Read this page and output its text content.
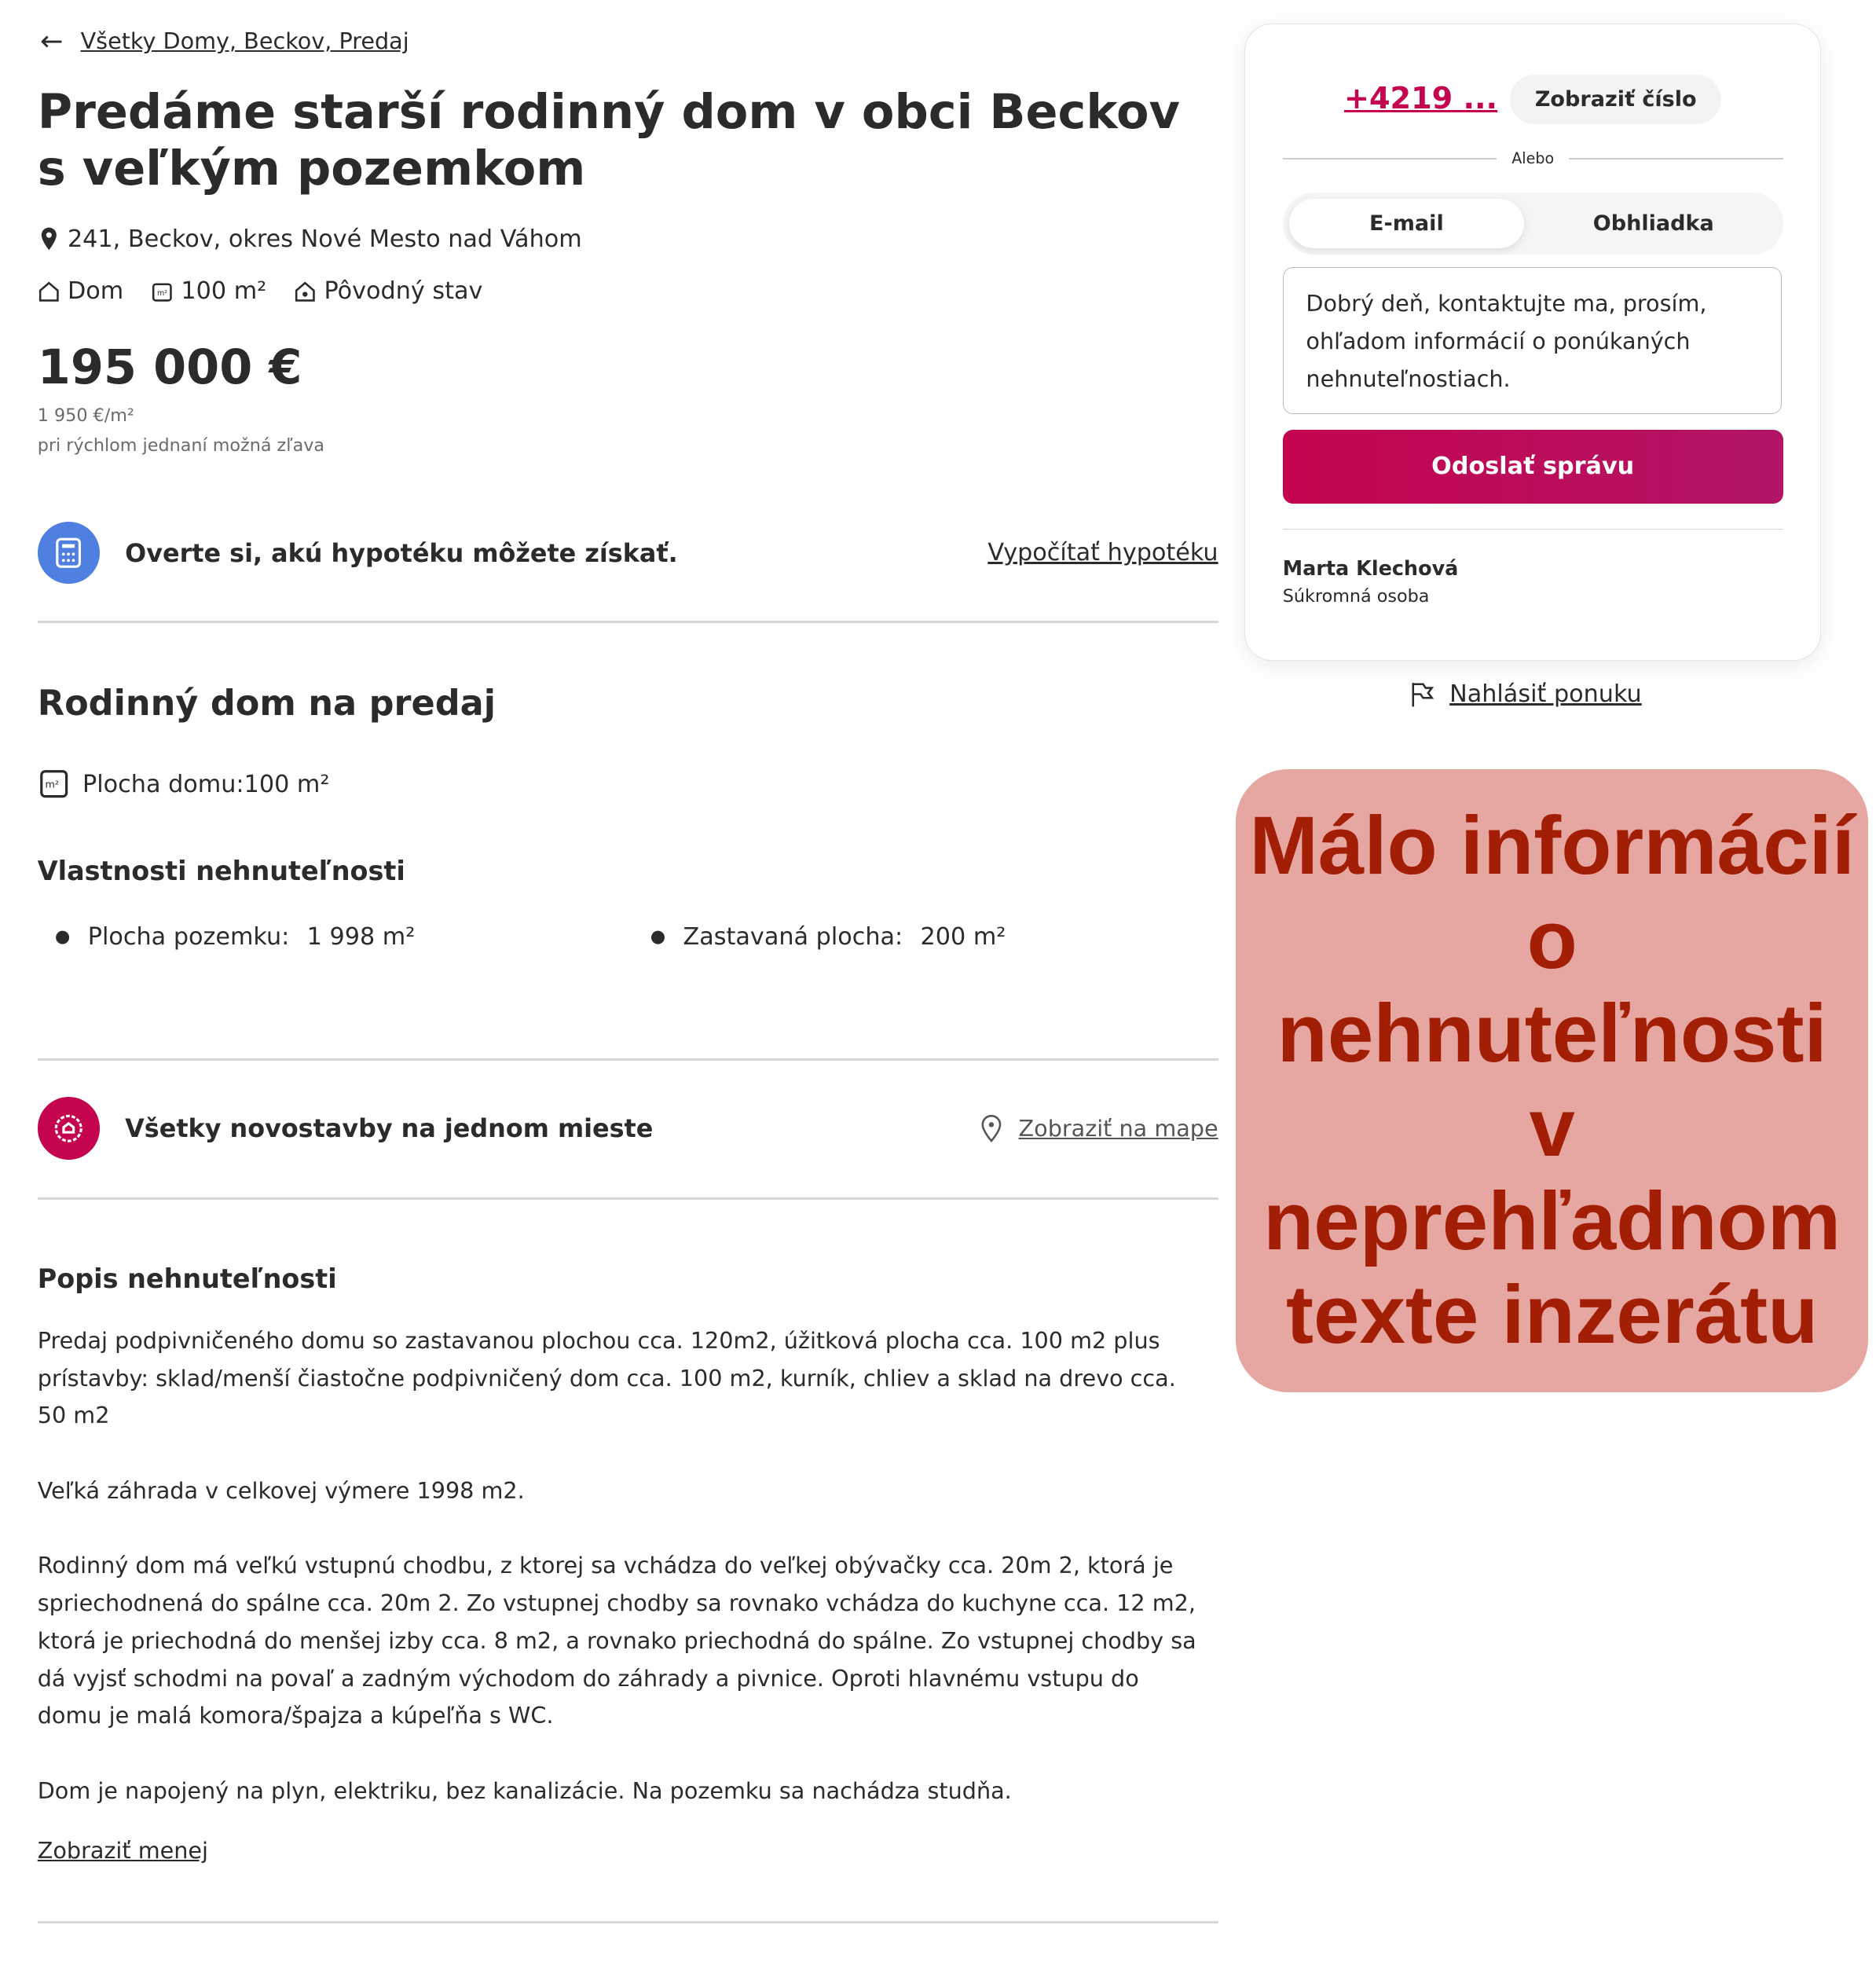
← Všetky Domy, Beckov, Predaj
Predáme starší rodinný dom v obci Beckov s veľkým pozemkom
241, Beckov, okres Nové Mesto nad Váhom
Dom	m² 100 m²	Pôvodný stav
195 000 €
1 950 €/m²
pri rýchlom jednaní možná zľava
Overte si, akú hypotéku môžete získať.	Vypočítať hypotéku
Rodinný dom na predaj
m² Plocha domu:100 m²
Vlastnosti nehnuteľnosti
● Plocha pozemku: 1 998 m²	● Zastavaná plocha: 200 m²
Všetky novostavby na jednom mieste	Zobraziť na mape
Popis nehnuteľnosti

Predaj podpivničeného domu so zastavanou plochou cca. 120m2, úžitková plocha cca. 100 m2 plus prístavby: sklad/menší čiastočne podpivničený dom cca. 100 m2, kurník, chliev a sklad na drevo cca. 50 m2

Veľká záhrada v celkovej výmere 1998 m2.

Rodinný dom má veľkú vstupnú chodbu, z ktorej sa vchádza do veľkej obývačky cca. 20m 2, ktorá je spriechodnená do spálne cca. 20m 2. Zo vstupnej chodby sa rovnako vchádza do kuchyne cca. 12 m2, ktorá je priechodná do menšej izby cca. 8 m2, a rovnako priechodná do spálne. Zo vstupnej chodby sa dá vyjsť schodmi na povaľ a zadným východom do záhrady a pivnice. Oproti hlavnému vstupu do domu je malá komora/špajza a kúpeľňa s WC.

Dom je napojený na plyn, elektriku, bez kanalizácie. Na pozemku sa nachádza studňa.

Zobraziť menej
+4219 ...	Zobraziť číslo
Alebo
E-mail	Obhliadka
Dobrý deň, kontaktujte ma, prosím, ohľadom informácií o ponúkaných nehnuteľnostiach.
Odoslať správu
Marta Klechová
Súkromná osoba
Nahlásiť ponuku
Málo informácií o nehnuteľnosti v neprehľadnom texte inzerátu
